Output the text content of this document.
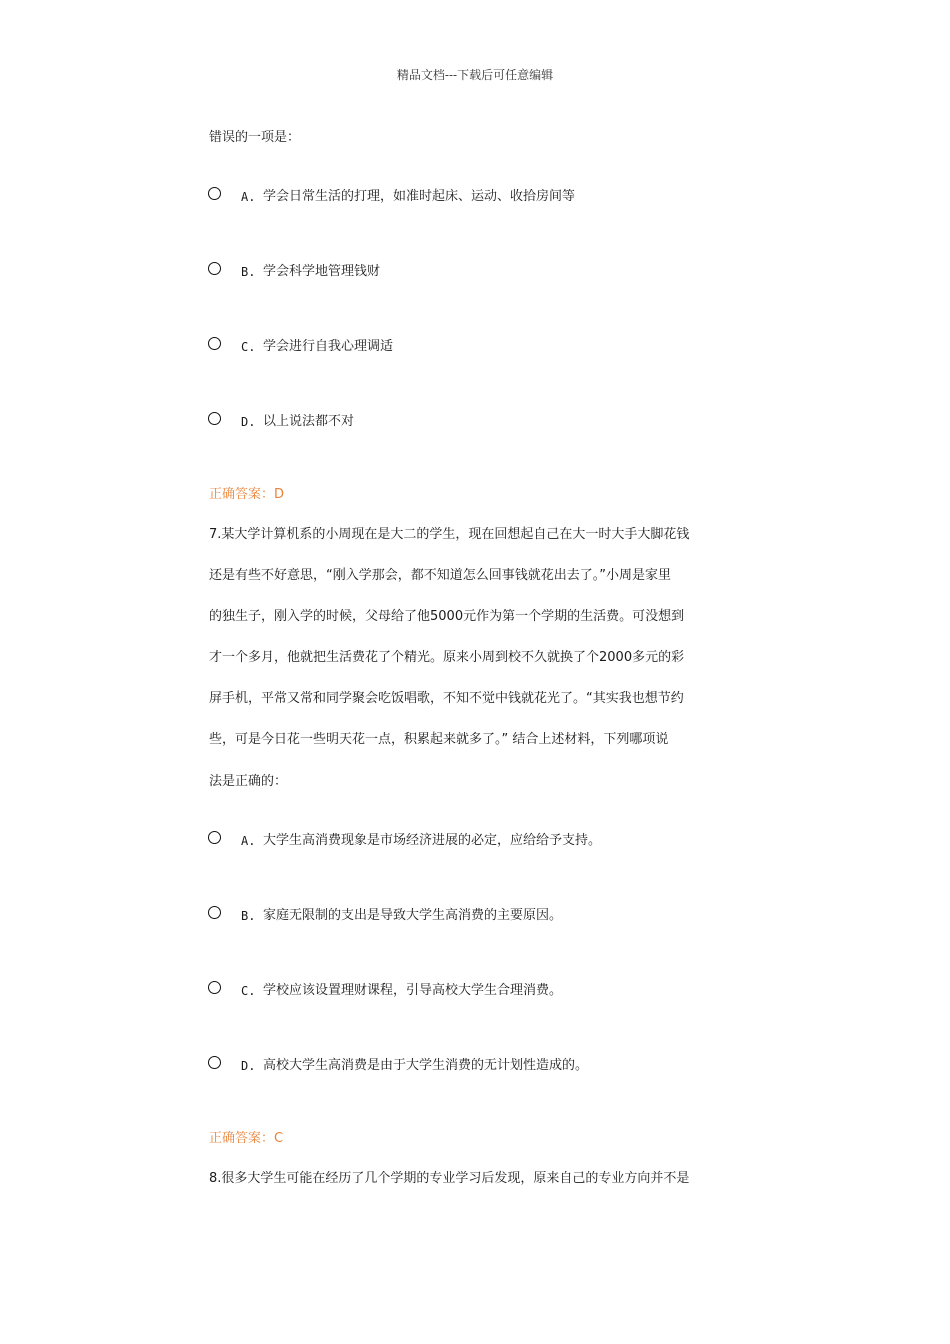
精品文档---下载后可任意编辑
错误的一项是：
A. 学会日常生活的打理，如准时起床、运动、收拾房间等
B. 学会科学地管理钱财
C. 学会进行自我心理调适
D. 以上说法都不对
正确答案：D
7.某大学计算机系的小周现在是大二的学生，现在回想起自己在大一时大手大脚花钱
还是有些不好意思，“刚入学那会，都不知道怎么回事钱就花出去了。”小周是家里
的独生子，刚入学的时候，父母给了他5000元作为第一个学期的生活费。可没想到
才一个多月，他就把生活费花了个精光。原来小周到校不久就换了个2000多元的彩
屏手机，平常又常和同学聚会吃饭唱歌，不知不觉中钱就花光了。“其实我也想节约
些，可是今日花一些明天花一点，积累起来就多了。” 结合上述材料，下列哪项说
法是正确的：
A. 大学生高消费现象是市场经济进展的必定，应给给予支持。
B. 家庭无限制的支出是导致大学生高消费的主要原因。
C. 学校应该设置理财课程，引导高校大学生合理消费。
D. 高校大学生高消费是由于大学生消费的无计划性造成的。
正确答案：C
8.很多大学生可能在经历了几个学期的专业学习后发现，原来自己的专业方向并不是
